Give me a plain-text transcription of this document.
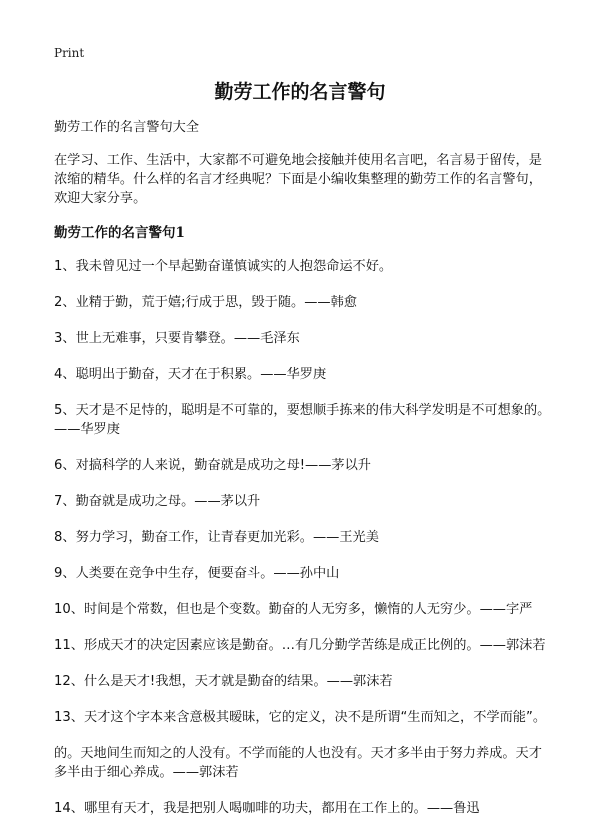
Print
勤劳工作的名言警句

勤劳工作的名言警句大全

在学习、工作、生活中，大家都不可避免地会接触并使用名言吧，名言易于留传，是浓缩的精华。什么样的名言才经典呢？下面是小编收集整理的勤劳工作的名言警句，欢迎大家分享。

勤劳工作的名言警句1

1、我未曾见过一个早起勤奋谨慎诚实的人抱怨命运不好。

2、业精于勤，荒于嬉;行成于思，毁于随。——韩愈

3、世上无难事，只要肯攀登。——毛泽东

4、聪明出于勤奋，天才在于积累。——华罗庚

5、天才是不足恃的，聪明是不可靠的，要想顺手拣来的伟大科学发明是不可想象的。——华罗庚

6、对搞科学的人来说，勤奋就是成功之母!——茅以升

7、勤奋就是成功之母。——茅以升

8、努力学习，勤奋工作，让青春更加光彩。——王光美

9、人类要在竞争中生存，便要奋斗。——孙中山

10、时间是个常数，但也是个变数。勤奋的人无穷多，懒惰的人无穷少。——字严

11、形成天才的决定因素应该是勤奋。…有几分勤学苦练是成正比例的。——郭沫若

12、什么是天才!我想，天才就是勤奋的结果。——郭沫若

13、天才这个字本来含意极其暧昧，它的定义，决不是所谓“生而知之，不学而能”。

的。天地间生而知之的人没有。不学而能的人也没有。天才多半由于努力养成。天才多半由于细心养成。——郭沫若

14、哪里有天才，我是把别人喝咖啡的功夫，都用在工作上的。——鲁迅
